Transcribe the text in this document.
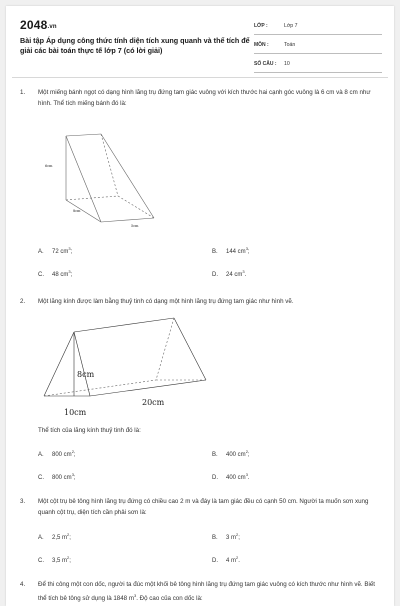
2048.vn
Bài tập Áp dụng công thức tính diện tích xung quanh và thể tích để giải các bài toán thực tế lớp 7 (có lời giải)
LỚP :	Lớp 7
MÔN :	Toán
SỐ CÂU : 10
1. Một miếng bánh ngọt có dạng hình lăng trụ đứng tam giác vuông với kích thước hai cạnh góc vuông là 6 cm và 8 cm như hình. Thể tích miếng bánh đó là:
6cm
8cm
5cm
A. 72 $cm^3$;	B. 144 $cm^3$;
C. 48 $cm^3$;	D. 24 $cm^3$.
2. Một lăng kính được làm bằng thuỷ tinh có dạng một hình lăng trụ đứng tam giác như hình vẽ.
8cm
20cm
10cm
Thể tích của lăng kính thuỷ tinh đó là:
A. 800 $cm^2$;	B. 400 $cm^2$;
C. 800 $cm^3$;	D. 400 $cm^3$.
3. Một cột trụ bê tông hình lăng trụ đứng có chiều cao 2 m và đáy là tam giác đều có cạnh 50 cm. Người ta muốn sơn xung quanh cột trụ, diện tích cần phải sơn là:
A. 2,5 $m^2$;	B. 3 $m^2$;
C. 3,5 $m^2$;	D. 4 $m^2$.
4. Để thi công một con dốc, người ta đúc một khối bê tông hình lăng trụ đứng tam giác vuông có kích thước như hình vẽ. Biết thể tích bê tông sử dụng là 1848 $m^3$. Độ cao của con dốc là:
